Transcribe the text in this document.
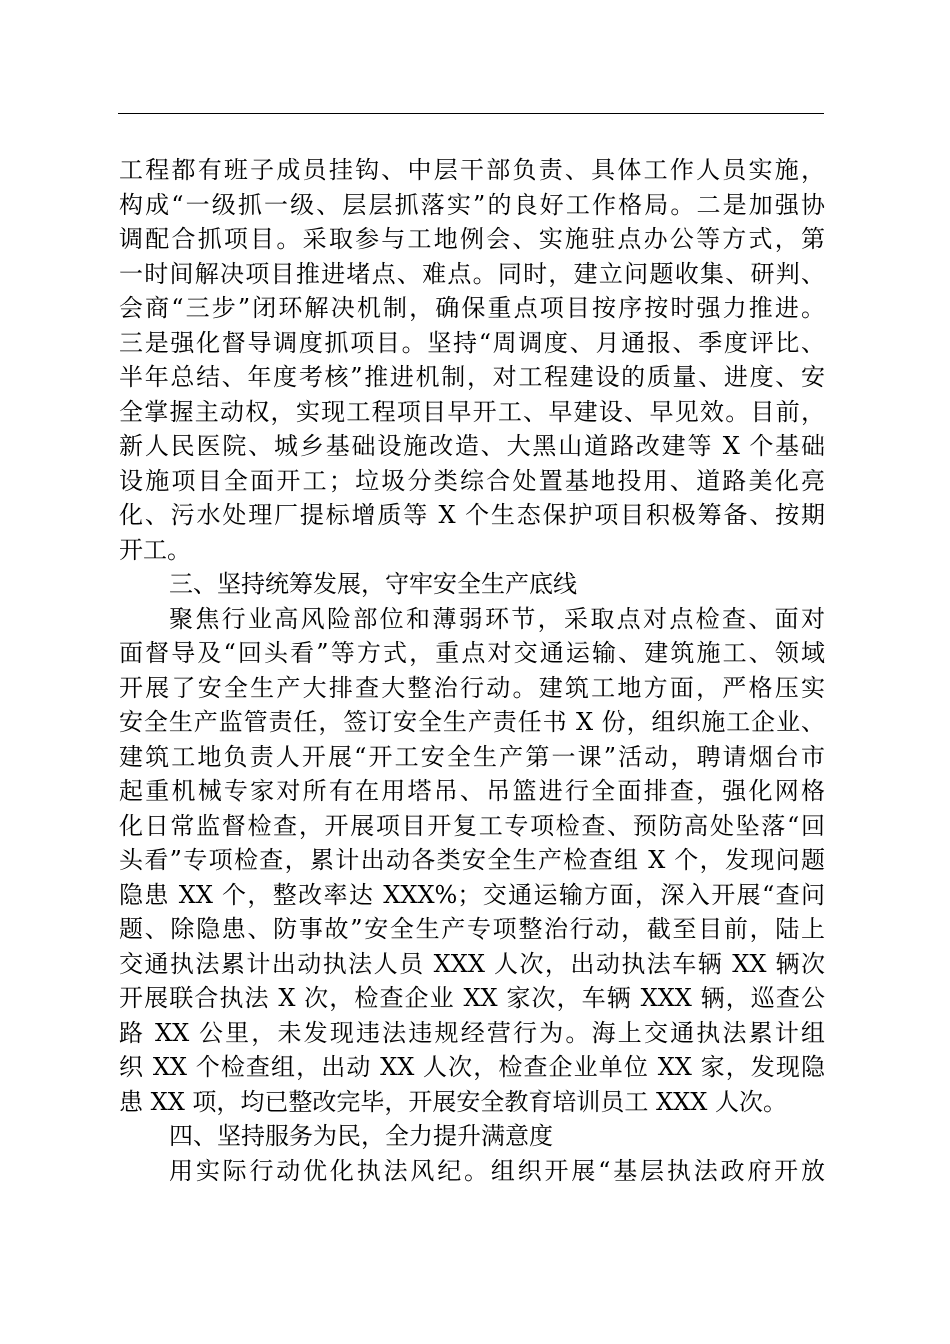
工程都有班子成员挂钩、中层干部负责、具体工作人员实施，
构成“一级抓一级、层层抓落实”的良好工作格局。二是加强协
调配合抓项目。采取参与工地例会、实施驻点办公等方式，第
一时间解决项目推进堵点、难点。同时，建立问题收集、研判、
会商“三步”闭环解决机制，确保重点项目按序按时强力推进。
三是强化督导调度抓项目。坚持“周调度、月通报、季度评比、
半年总结、年度考核”推进机制，对工程建设的质量、进度、安
全掌握主动权，实现工程项目早开工、早建设、早见效。目前，
新人民医院、城乡基础设施改造、大黑山道路改建等 X 个基础
设施项目全面开工；垃圾分类综合处置基地投用、道路美化亮
化、污水处理厂提标增质等 X 个生态保护项目积极筹备、按期
开工。
三、坚持统筹发展，守牢安全生产底线
聚焦行业高风险部位和薄弱环节，采取点对点检查、面对
面督导及“回头看”等方式，重点对交通运输、建筑施工、领域
开展了安全生产大排查大整治行动。建筑工地方面，严格压实
安全生产监管责任，签订安全生产责任书 X 份，组织施工企业、
建筑工地负责人开展“开工安全生产第一课”活动，聘请烟台市
起重机械专家对所有在用塔吊、吊篮进行全面排查，强化网格
化日常监督检查，开展项目开复工专项检查、预防高处坠落“回
头看”专项检查，累计出动各类安全生产检查组 X 个，发现问题
隐患 XX 个，整改率达 XXX%；交通运输方面，深入开展“查问
题、除隐患、防事故”安全生产专项整治行动，截至目前，陆上
交通执法累计出动执法人员 XXX 人次，出动执法车辆 XX 辆次
开展联合执法 X 次，检查企业 XX 家次，车辆 XXX 辆，巡查公
路 XX 公里，未发现违法违规经营行为。海上交通执法累计组
织 XX 个检查组，出动 XX 人次，检查企业单位 XX 家，发现隐
患 XX 项，均已整改完毕，开展安全教育培训员工 XXX 人次。
四、坚持服务为民，全力提升满意度
用实际行动优化执法风纪。组织开展“基层执法政府开放
